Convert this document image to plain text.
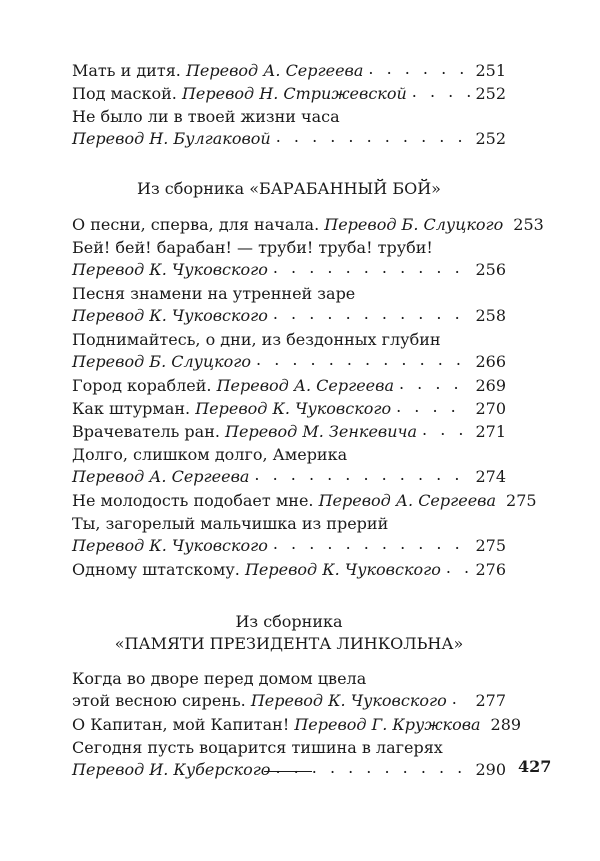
Мать и дитя. Перевод А. Сергеева . . .	251
Под маской. Перевод Н. Стрижевской . . .	252
Не было ли в твоей жизни часа
Перевод Н. Булгаковой . . .	252
Из сборника «БАРАБАННЫЙ БОЙ»
О песни, сперва, для начала. Перевод Б. Слуцкого 253
Бей! бей! барабан! — труби! труба! труби!
Перевод К. Чуковского . . .	256
Песня знамени на утренней заре
Перевод К. Чуковского . . .	258
Поднимайтесь, о дни, из бездонных глубин
Перевод Б. Слуцкого . . .	266
Город кораблей. Перевод А. Сергеева . . .	269
Как штурман. Перевод К. Чуковского . . .	270
Врачеватель ран. Перевод М. Зенкевича . . .	271
Долго, слишком долго, Америка
Перевод А. Сергеева . . .	274
Не молодость подобает мне. Перевод А. Сергеева 275
Ты, загорелый мальчишка из прерий
Перевод К. Чуковского . . .	275
Одному штатскому. Перевод К. Чуковского . . . 276
Из сборника
«ПАМЯТИ ПРЕЗИДЕНТА ЛИНКОЛЬНА»
Когда во дворе перед домом цвела
этой весною сирень. Перевод К. Чуковского . . . 277
О Капитан, мой Капитан! Перевод Г. Кружкова 289
Сегодня пусть воцарится тишина в лагерях
Перевод И. Куберского . . .	290 427
